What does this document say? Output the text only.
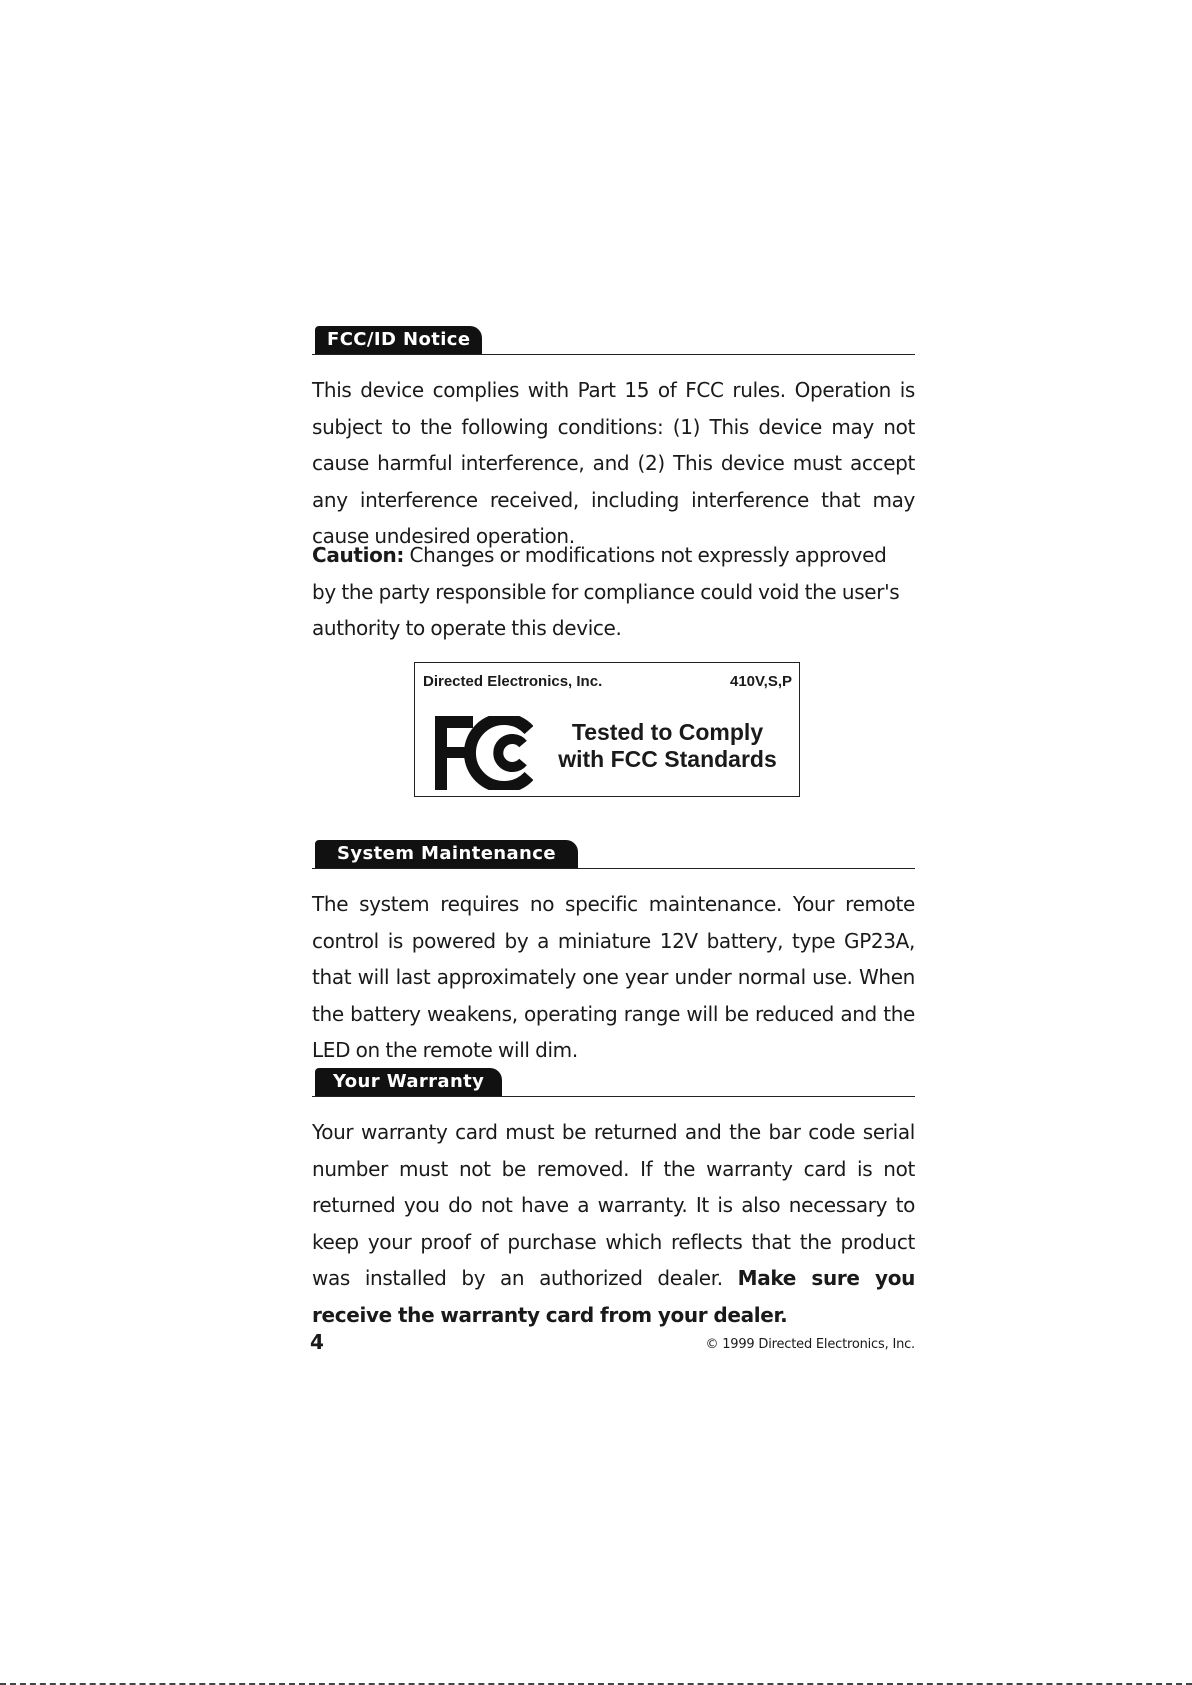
FCC/ID Notice

This device complies with Part 15 of FCC rules. Operation is subject to the following conditions: (1) This device may not cause harmful interference, and (2) This device must accept any interference received, including interference that may cause undesired operation.

Caution: Changes or modifications not expressly approved by the party responsible for compliance could void the user's authority to operate this device.

Directed Electronics, Inc.	410V,S,P
Tested to Comply
with FCC Standards
System Maintenance

The system requires no specific maintenance. Your remote control is powered by a miniature 12V battery, type GP23A, that will last approximately one year under normal use. When the battery weakens, operating range will be reduced and the LED on the remote will dim.

Your Warranty

Your warranty card must be returned and the bar code serial number must not be removed. If the warranty card is not returned you do not have a warranty. It is also necessary to keep your proof of purchase which reflects that the product was installed by an authorized dealer. Make sure you receive the warranty card from your dealer.

4	© 1999 Directed Electronics, Inc.
